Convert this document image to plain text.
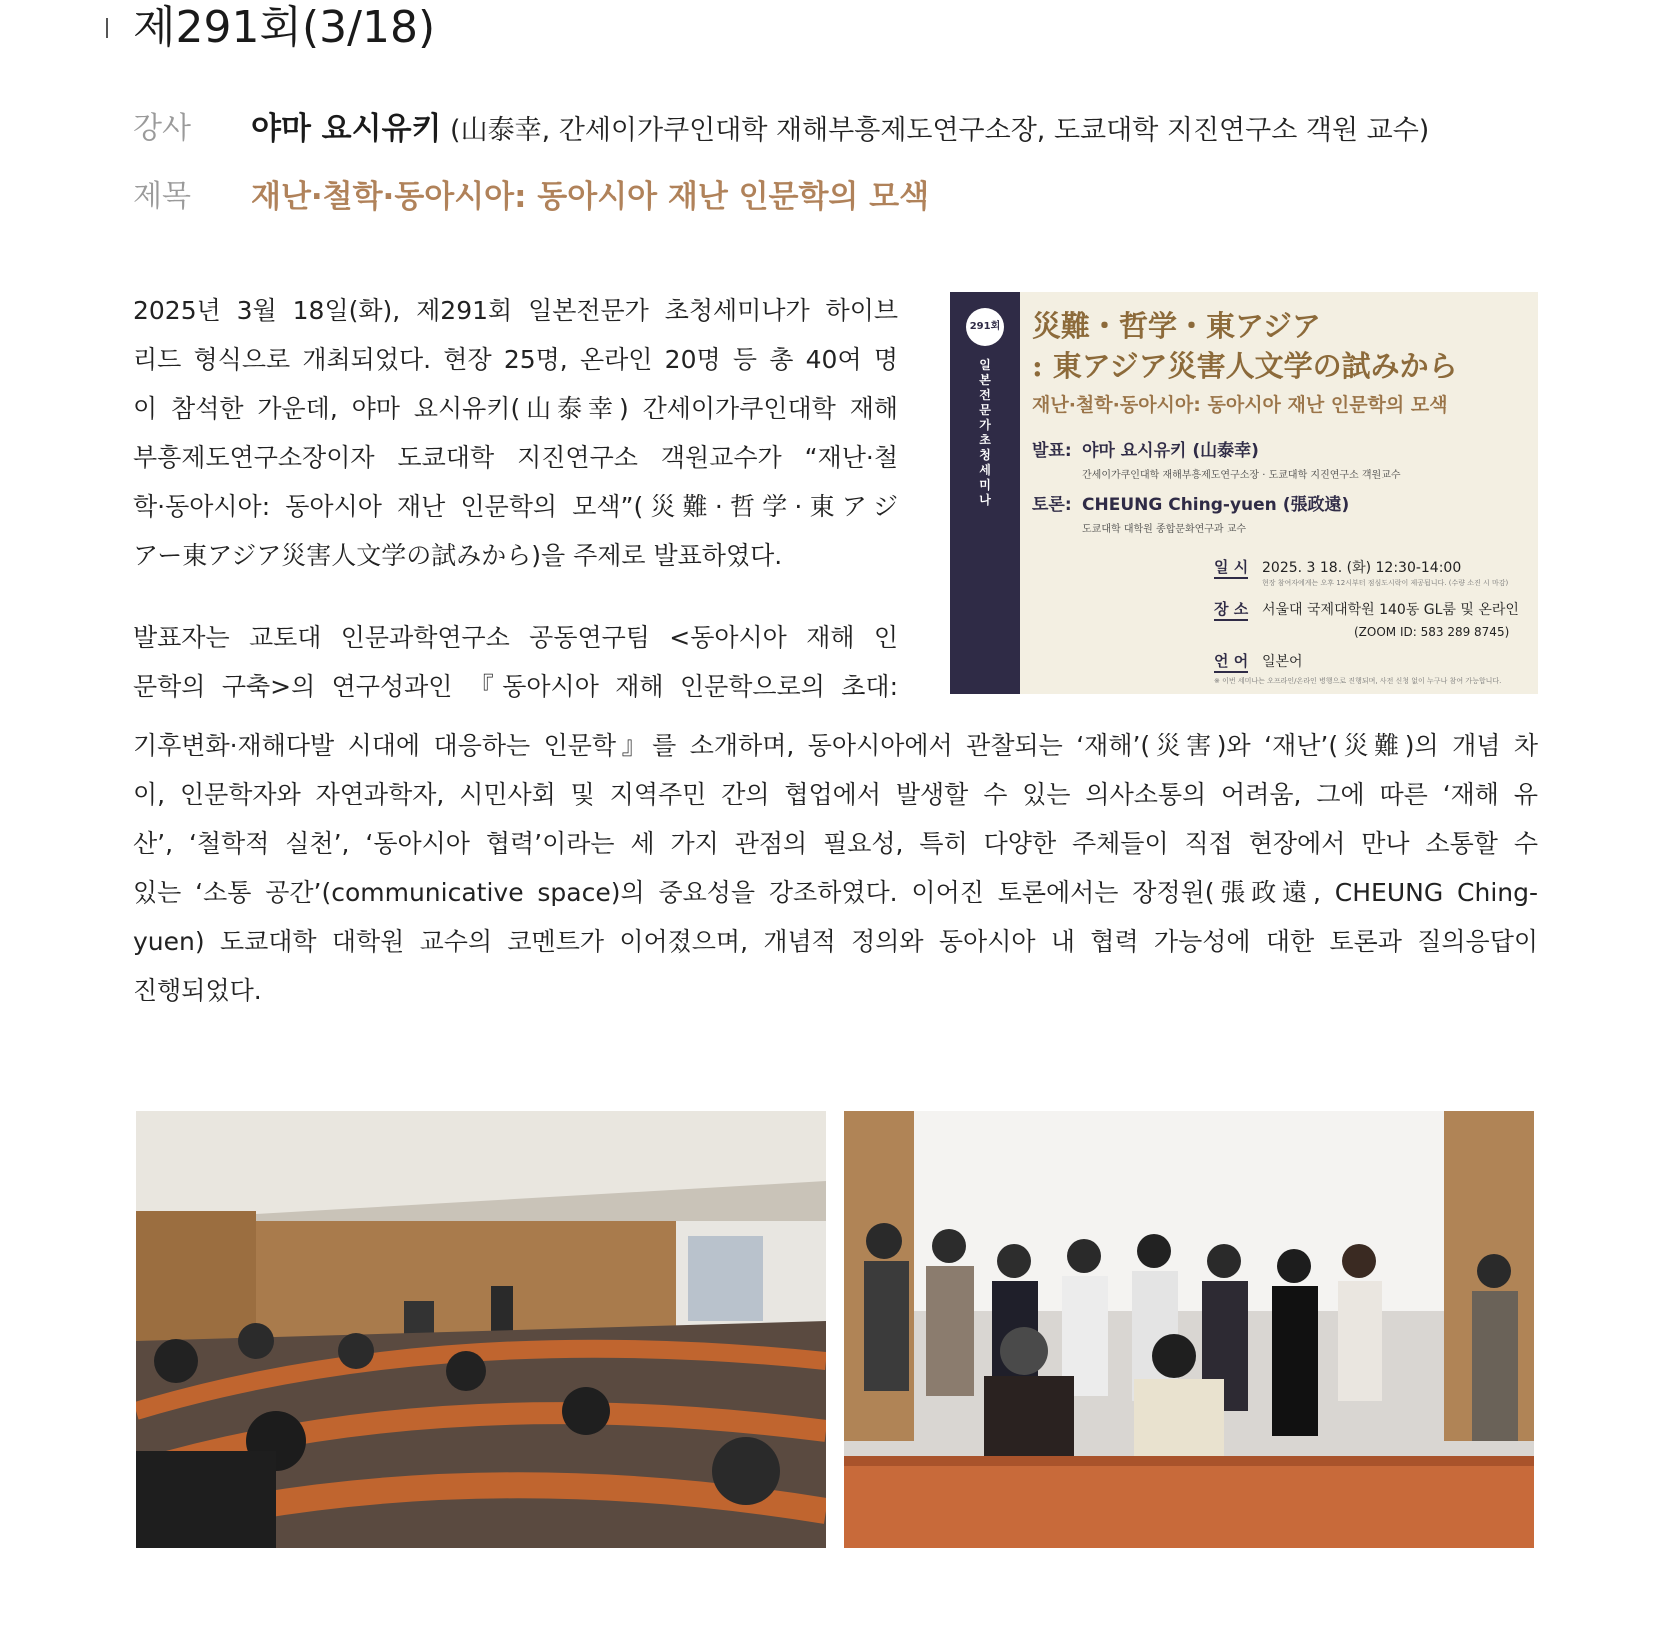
제291회(3/18)
강사 야마 요시유키 (山泰幸, 간세이가쿠인대학 재해부흥제도연구소장, 도쿄대학 지진연구소 객원 교수)
제목 재난·철학·동아시아: 동아시아 재난 인문학의 모색
2025년 3월 18일(화), 제291회 일본전문가 초청세미나가 하이브
리드 형식으로 개최되었다. 현장 25명, 온라인 20명 등 총 40여 명
이 참석한 가운데, 야마 요시유키(山泰幸) 간세이가쿠인대학 재해
부흥제도연구소장이자 도쿄대학 지진연구소 객원교수가 “재난·철
학·동아시아: 동아시아 재난 인문학의 모색”(災難·哲学·東アジ
アー東アジア災害人文学の試みから)을 주제로 발표하였다.
발표자는 교토대 인문과학연구소 공동연구팀 <동아시아 재해 인
문학의 구축>의 연구성과인 『동아시아 재해 인문학으로의 초대:
기후변화·재해다발 시대에 대응하는 인문학』를 소개하며, 동아시아에서 관찰되는 ‘재해’(災害)와 ‘재난’(災難)의 개념 차
이, 인문학자와 자연과학자, 시민사회 및 지역주민 간의 협업에서 발생할 수 있는 의사소통의 어려움, 그에 따른 ‘재해 유
산’, ‘철학적 실천’, ‘동아시아 협력’이라는 세 가지 관점의 필요성, 특히 다양한 주체들이 직접 현장에서 만나 소통할 수
있는 ‘소통 공간’(communicative space)의 중요성을 강조하였다. 이어진 토론에서는 장정원(張政遠, CHEUNG Ching-
yuen) 도쿄대학 대학원 교수의 코멘트가 이어졌으며, 개념적 정의와 동아시아 내 협력 가능성에 대한 토론과 질의응답이
진행되었다.
291회
일본전문가 초청세미나
災難・哲学・東アジア
: 東アジア災害人文学の試みから
재난·철학·동아시아: 동아시아 재난 인문학의 모색
발표: 야마 요시유키 (山泰幸)
간세이가쿠인대학 재해부흥제도연구소장 · 도쿄대학 지진연구소 객원교수
토론: CHEUNG Ching-yuen (張政遠)
도쿄대학 대학원 종합문화연구과 교수
일 시 2025. 3 18. (화) 12:30-14:00
현장 참여자에게는 오후 12시부터 점심도시락이 제공됩니다. (수량 소진 시 마감)
장 소 서울대 국제대학원 140동 GL룸 및 온라인
(ZOOM ID: 583 289 8745)
언 어 일본어
※ 이번 세미나는 오프라인/온라인 병행으로 진행되며, 사전 신청 없이 누구나 참여 가능합니다.
